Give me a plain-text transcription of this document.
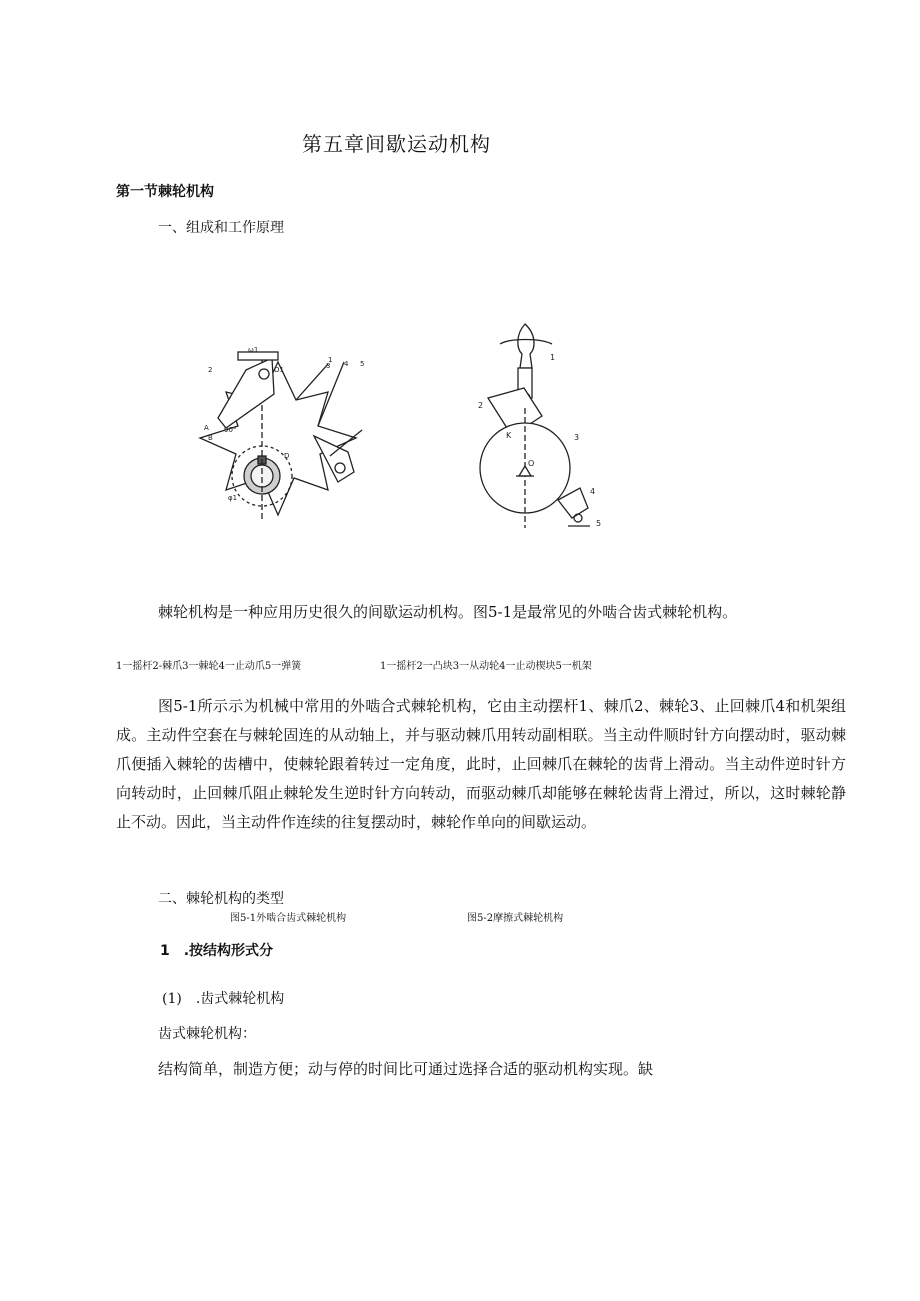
第五章间歇运动机构
第一节棘轮机构
一、组成和工作原理
1
2	3 4 5
A
B
O1
D
90°
ω1
φ1
1
2
3
4
5
K
O
棘轮机构是一种应用历史很久的间歇运动机构。图5-1是最常见的外啮合齿式棘轮机构。
1一摇杆2-棘爪3一棘轮4一止动爪5一弹簧	1一摇杆2一凸块3一从动轮4一止动楔块5一机架
图5-1所示示为机械中常用的外啮合式棘轮机构，它由主动摆杆1、棘爪2、棘轮3、止回棘爪4和机架组成。主动件空套在与棘轮固连的从动轴上，并与驱动棘爪用转动副相联。当主动件顺时针方向摆动时，驱动棘爪便插入棘轮的齿槽中，使棘轮跟着转过一定角度，此时，止回棘爪在棘轮的齿背上滑动。当主动件逆时针方向转动时，止回棘爪阻止棘轮发生逆时针方向转动，而驱动棘爪却能够在棘轮齿背上滑过，所以，这时棘轮静止不动。因此，当主动件作连续的往复摆动时，棘轮作单向的间歇运动。
二、棘轮机构的类型
图5-1外啮合齿式棘轮机构	图5-2摩擦式棘轮机构
1　.按结构形式分
(1)　.齿式棘轮机构
齿式棘轮机构：
结构简单，制造方便；动与停的时间比可通过选择合适的驱动机构实现。缺
